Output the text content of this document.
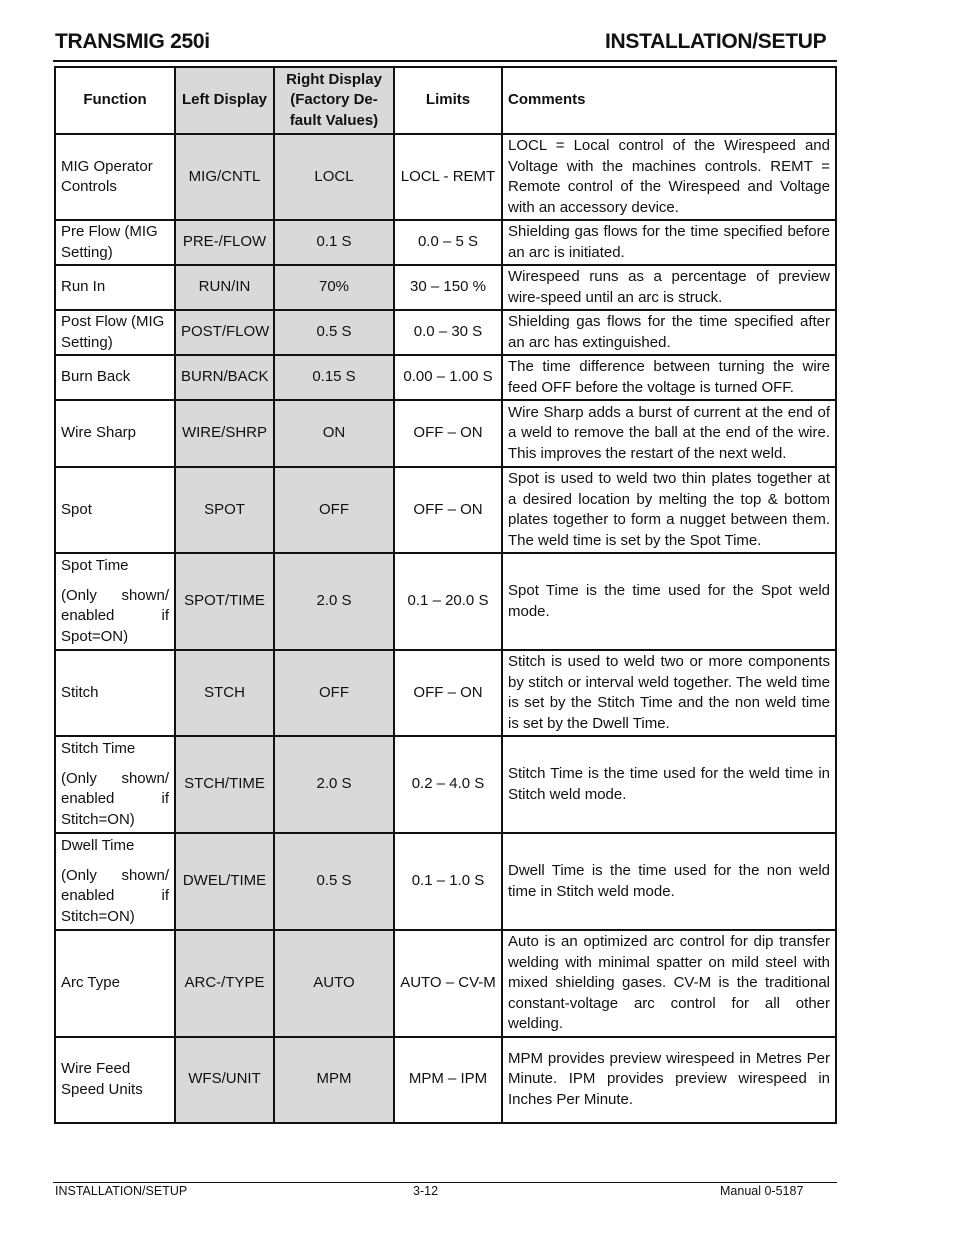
TRANSMIG 250i	INSTALLATION/SETUP
Function	Left Display	Right Display (Factory De-fault Values)	Limits	Comments
MIG Operator Controls	MIG/CNTL	LOCL	LOCL - REMT	LOCL = Local control of the Wirespeed and Voltage with the machines controls. REMT = Remote control of the Wirespeed and Voltage with an accessory device.
Pre Flow (MIG Setting)	PRE-/FLOW	0.1 S	0.0 – 5 S	Shielding gas flows for the time specified before an arc is initiated.
Run In	RUN/IN	70%	30 – 150 %	Wirespeed runs as a percentage of preview wire-speed until an arc is struck.
Post Flow (MIG Setting)	POST/FLOW	0.5 S	0.0 – 30 S	Shielding gas flows for the time specified after an arc has extinguished.
Burn Back	BURN/BACK	0.15 S	0.00 – 1.00 S	The time difference between turning the wire feed OFF before the voltage is turned OFF.
Wire Sharp	WIRE/SHRP	ON	OFF – ON	Wire Sharp adds a burst of current at the end of a weld to remove the ball at the end of the wire. This improves the restart of the next weld.
Spot	SPOT	OFF	OFF – ON	Spot is used to weld two thin plates together at a desired location by melting the top & bottom plates together to form a nugget between them. The weld time is set by the Spot Time.
Spot Time
(Only shown/ enabled if Spot=ON)	SPOT/TIME	2.0 S	0.1 – 20.0 S	Spot Time is the time used for the Spot weld mode.
Stitch	STCH	OFF	OFF – ON	Stitch is used to weld two or more components by stitch or interval weld together. The weld time is set by the Stitch Time and the non weld time is set by the Dwell Time.
Stitch Time
(Only shown/ enabled if Stitch=ON)	STCH/TIME	2.0 S	0.2 – 4.0 S	Stitch Time is the time used for the weld time in Stitch weld mode.
Dwell Time
(Only shown/ enabled if Stitch=ON)	DWEL/TIME	0.5 S	0.1 – 1.0 S	Dwell Time is the time used for the non weld time in Stitch weld mode.
Arc Type	ARC-/TYPE	AUTO	AUTO – CV-M	Auto is an optimized arc control for dip transfer welding with minimal spatter on mild steel with mixed shielding gases. CV-M is the traditional constant-voltage arc control for all other welding.
Wire Feed Speed Units	WFS/UNIT	MPM	MPM – IPM	MPM provides preview wirespeed in Metres Per Minute. IPM provides preview wirespeed in Inches Per Minute.
INSTALLATION/SETUP	3-12	Manual 0-5187
